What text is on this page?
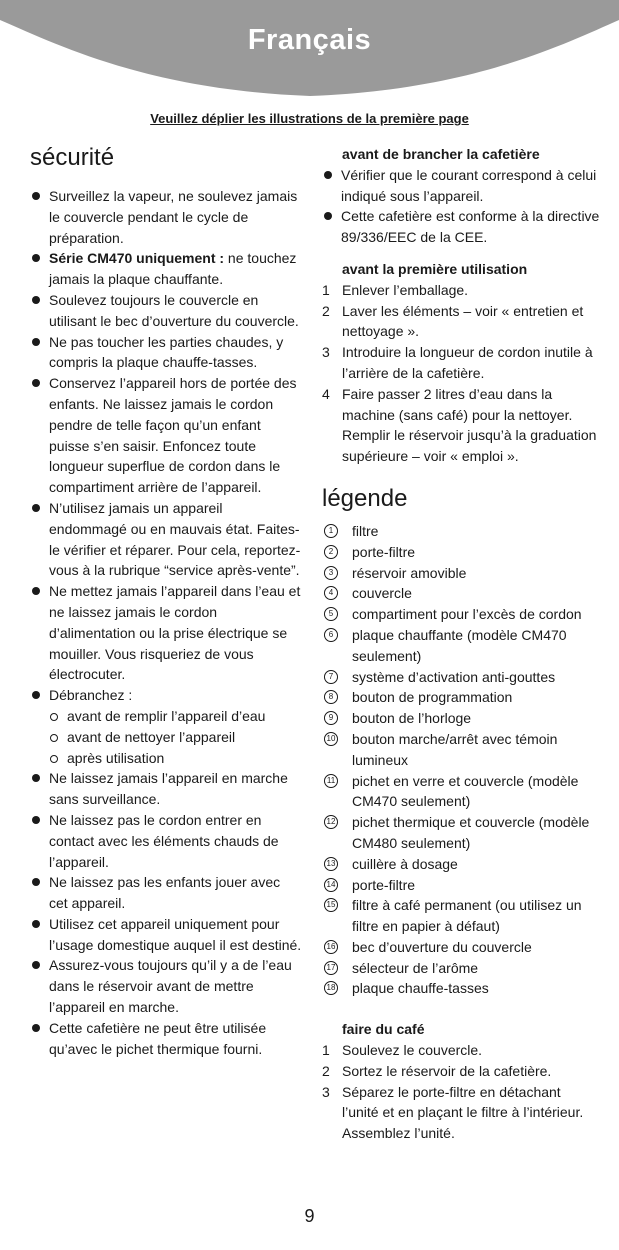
Français
Veuillez déplier les illustrations de la première page
sécurité
Surveillez la vapeur, ne soulevez jamais le couvercle pendant le cycle de préparation.
Série CM470 uniquement : ne touchez jamais la plaque chauffante.
Soulevez toujours le couvercle en utilisant le bec d’ouverture du couvercle.
Ne pas toucher les parties chaudes, y compris la plaque chauffe-tasses.
Conservez l’appareil hors de portée des enfants. Ne laissez jamais le cordon pendre de telle façon qu’un enfant puisse s’en saisir. Enfoncez toute longueur superflue de cordon dans le compartiment arrière de l’appareil.
N’utilisez jamais un appareil endommagé ou en mauvais état. Faites-le vérifier et réparer. Pour cela, reportez-vous à la rubrique “service après-vente”.
Ne mettez jamais l’appareil dans l’eau et ne laissez jamais le cordon d’alimentation ou la prise électrique se mouiller. Vous risqueriez de vous électrocuter.
Débranchez :
avant de remplir l’appareil d’eau
avant de nettoyer l’appareil
après utilisation
Ne laissez jamais l’appareil en marche sans surveillance.
Ne laissez pas le cordon entrer en contact avec les éléments chauds de l’appareil.
Ne laissez pas les enfants jouer avec cet appareil.
Utilisez cet appareil uniquement pour l’usage domestique auquel il est destiné.
Assurez-vous toujours qu’il y a de l’eau dans le réservoir avant de mettre l’appareil en marche.
Cette cafetière ne peut être utilisée qu’avec le pichet thermique fourni.
avant de brancher la cafetière
Vérifier que le courant correspond à celui indiqué sous l’appareil.
Cette cafetière est conforme à la directive 89/336/EEC de la CEE.
avant la première utilisation
1 Enlever l’emballage.
2 Laver les éléments – voir « entretien et nettoyage ».
3 Introduire la longueur de cordon inutile à l’arrière de la cafetière.
4 Faire passer 2 litres d’eau dans la machine (sans café) pour la nettoyer. Remplir le réservoir jusqu’à la graduation supérieure – voir « emploi ».
légende
1	filtre
2	porte-filtre
3	réservoir amovible
4	couvercle
5	compartiment pour l’excès de cordon
6	plaque chauffante (modèle CM470 seulement)
7	système d’activation anti-gouttes
8	bouton de programmation
9	bouton de l’horloge
10 bouton marche/arrêt avec témoin lumineux
11 pichet en verre et couvercle (modèle CM470 seulement)
12 pichet thermique et couvercle (modèle CM480 seulement)
13 cuillère à dosage
14 porte-filtre
15 filtre à café permanent (ou utilisez un filtre en papier à défaut)
16 bec d’ouverture du couvercle
17 sélecteur de l’arôme
18 plaque chauffe-tasses
faire du café
1 Soulevez le couvercle.
2 Sortez le réservoir de la cafetière.
3 Séparez le porte-filtre en détachant l’unité et en plaçant le filtre à l’intérieur. Assemblez l’unité.
9
